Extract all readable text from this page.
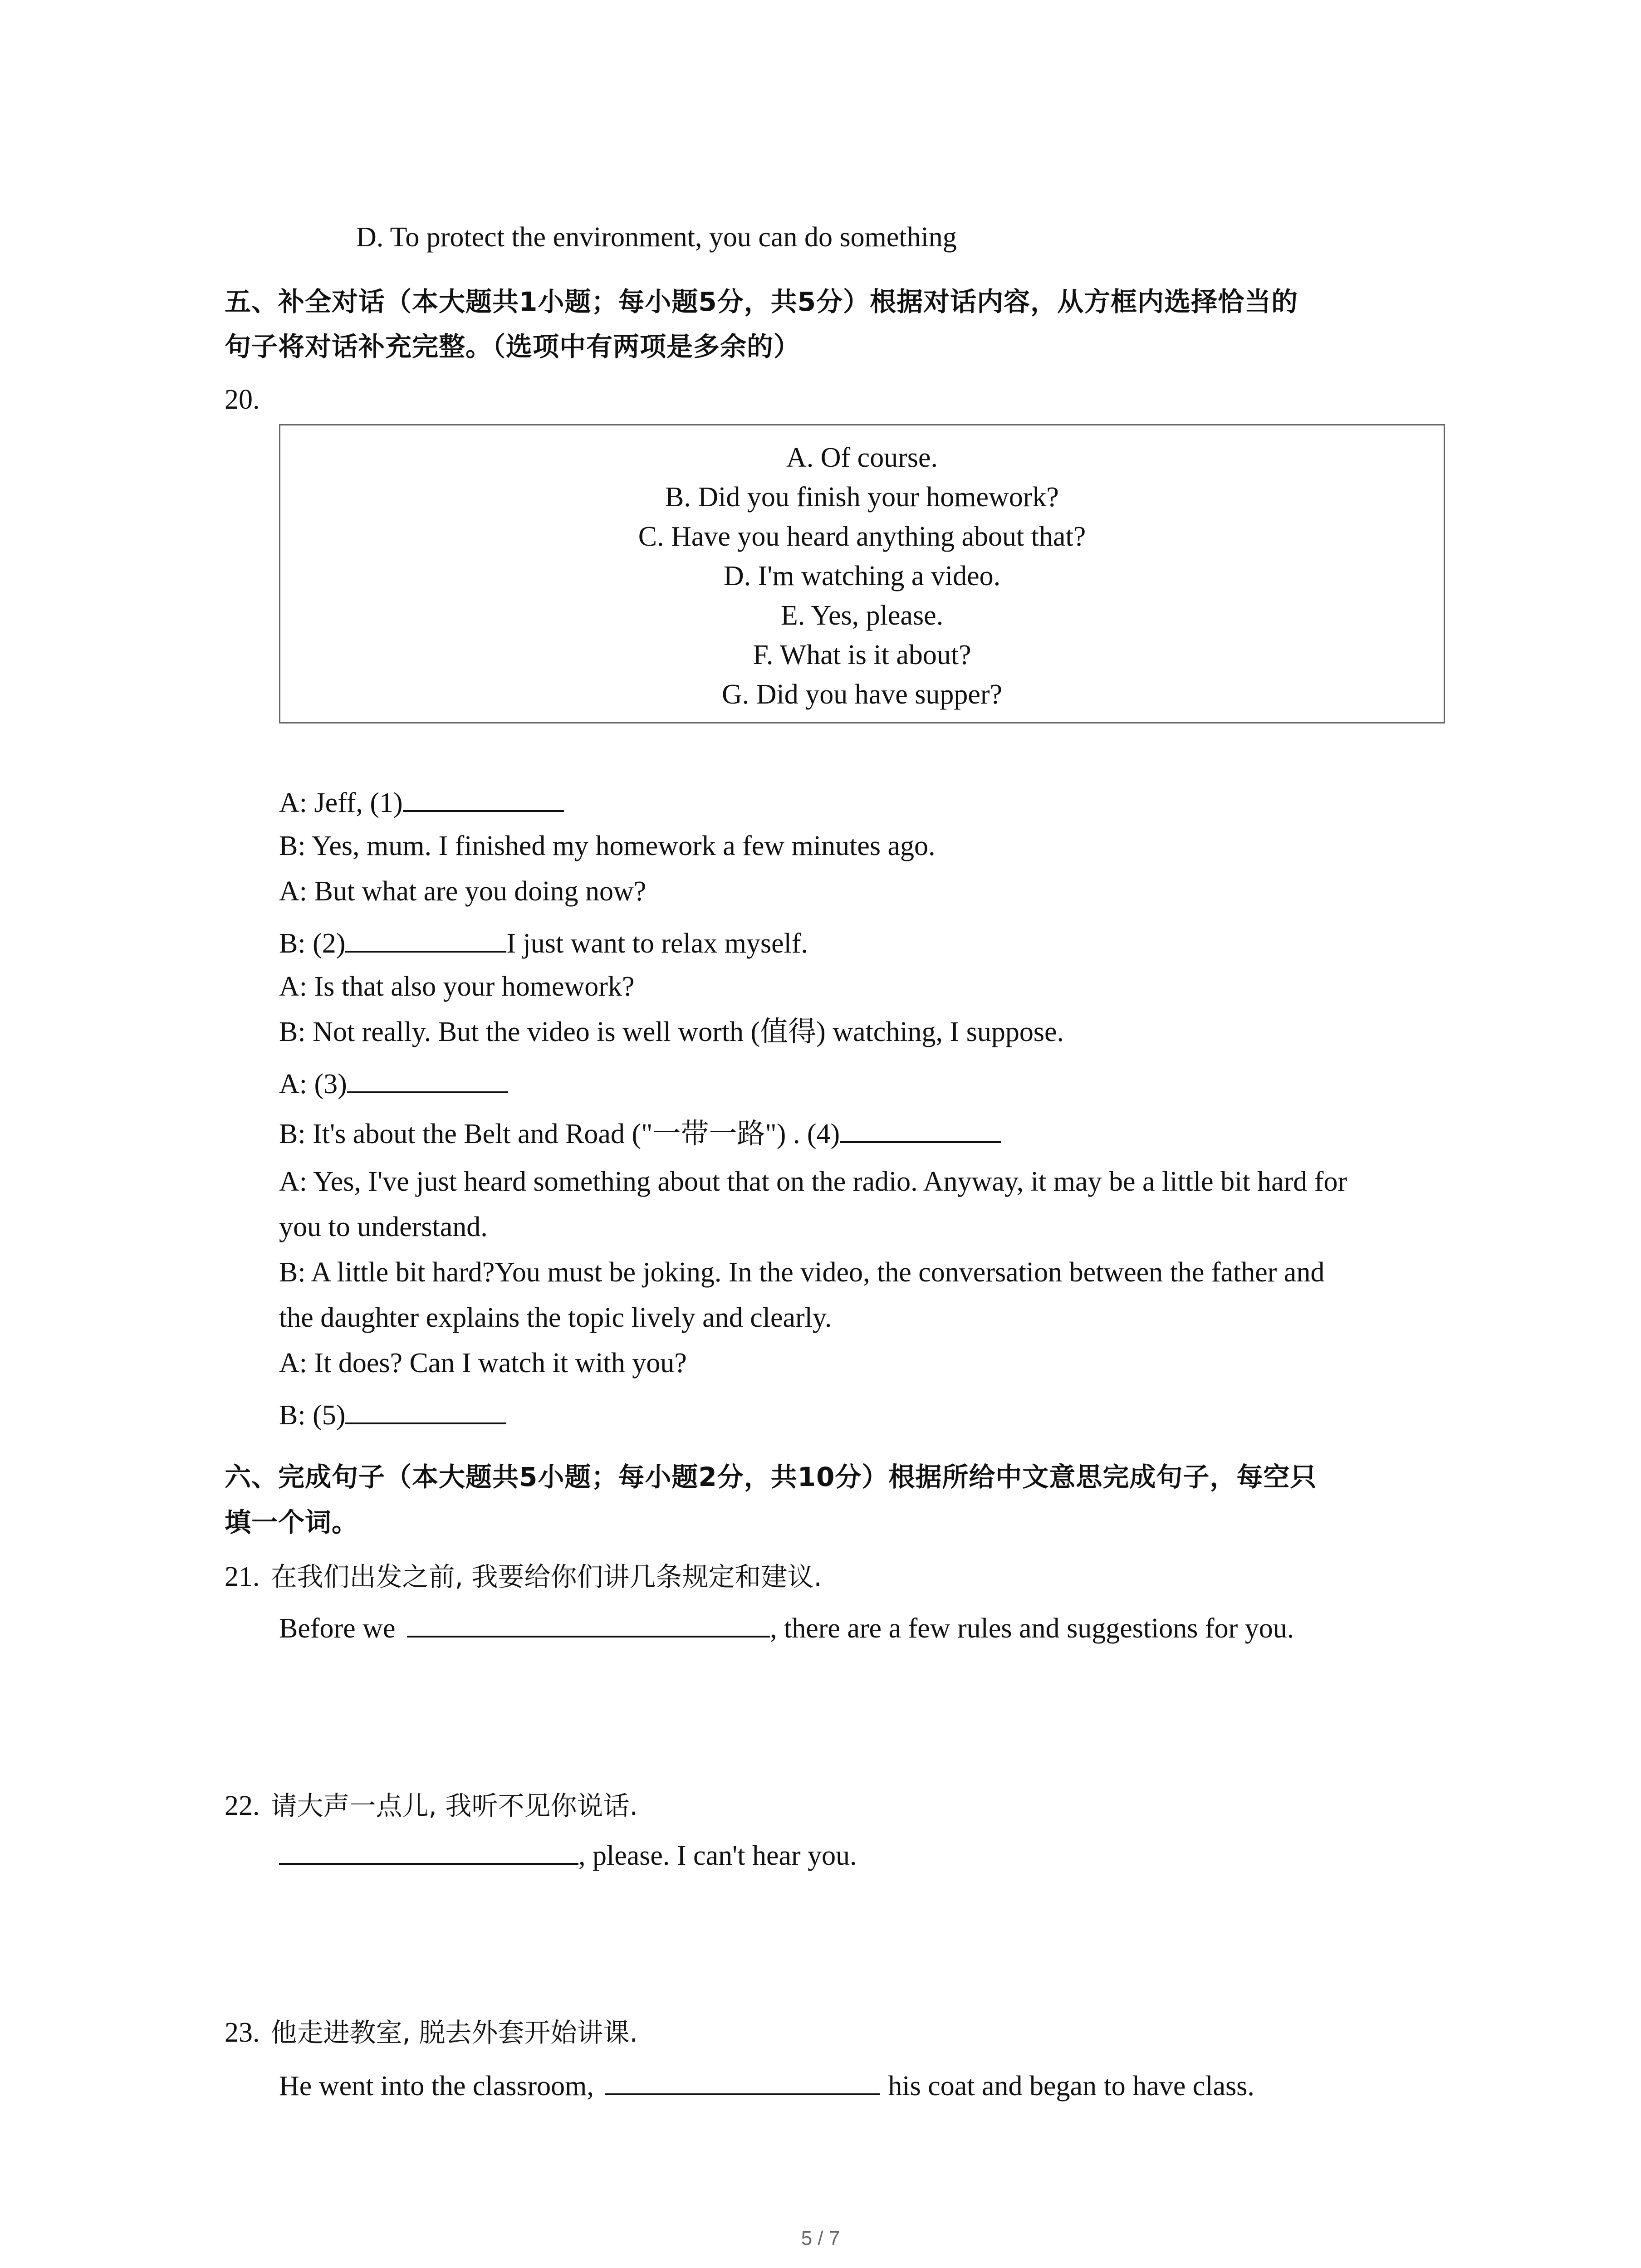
D. To protect the environment, you can do something
五、补全对话（本大题共1小题；每小题5分，共5分）根据对话内容，从方框内选择恰当的
句子将对话补充完整。（选项中有两项是多余的）
20.
A. Of course.
B. Did you finish your homework?
C. Have you heard anything about that?
D. I'm watching a video.
E. Yes, please.
F. What is it about?
G. Did you have supper?
A: Jeff, (1)
B: Yes, mum. I finished my homework a few minutes ago.
A: But what are you doing now?
B: (2)	I just want to relax myself.
A: Is that also your homework?
B: Not really. But the video is well worth (值得) watching, I suppose.
A: (3)
B: It's about the Belt and Road ("一带一路") . (4)
A: Yes, I've just heard something about that on the radio. Anyway, it may be a little bit hard for
you to understand.
B: A little bit hard?You must be joking. In the video, the conversation between the father and
the daughter explains the topic lively and clearly.
A: It does? Can I watch it with you?
B: (5)
六、完成句子（本大题共5小题；每小题2分，共10分）根据所给中文意思完成句子，每空只
填一个词。
21. 在我们出发之前, 我要给你们讲几条规定和建议.
Before we	, there are a few rules and suggestions for you.
22. 请大声一点儿, 我听不见你说话.
, please. I can't hear you.
23. 他走进教室, 脱去外套开始讲课.
He went into the classroom,	his coat and began to have class.
5 / 7
